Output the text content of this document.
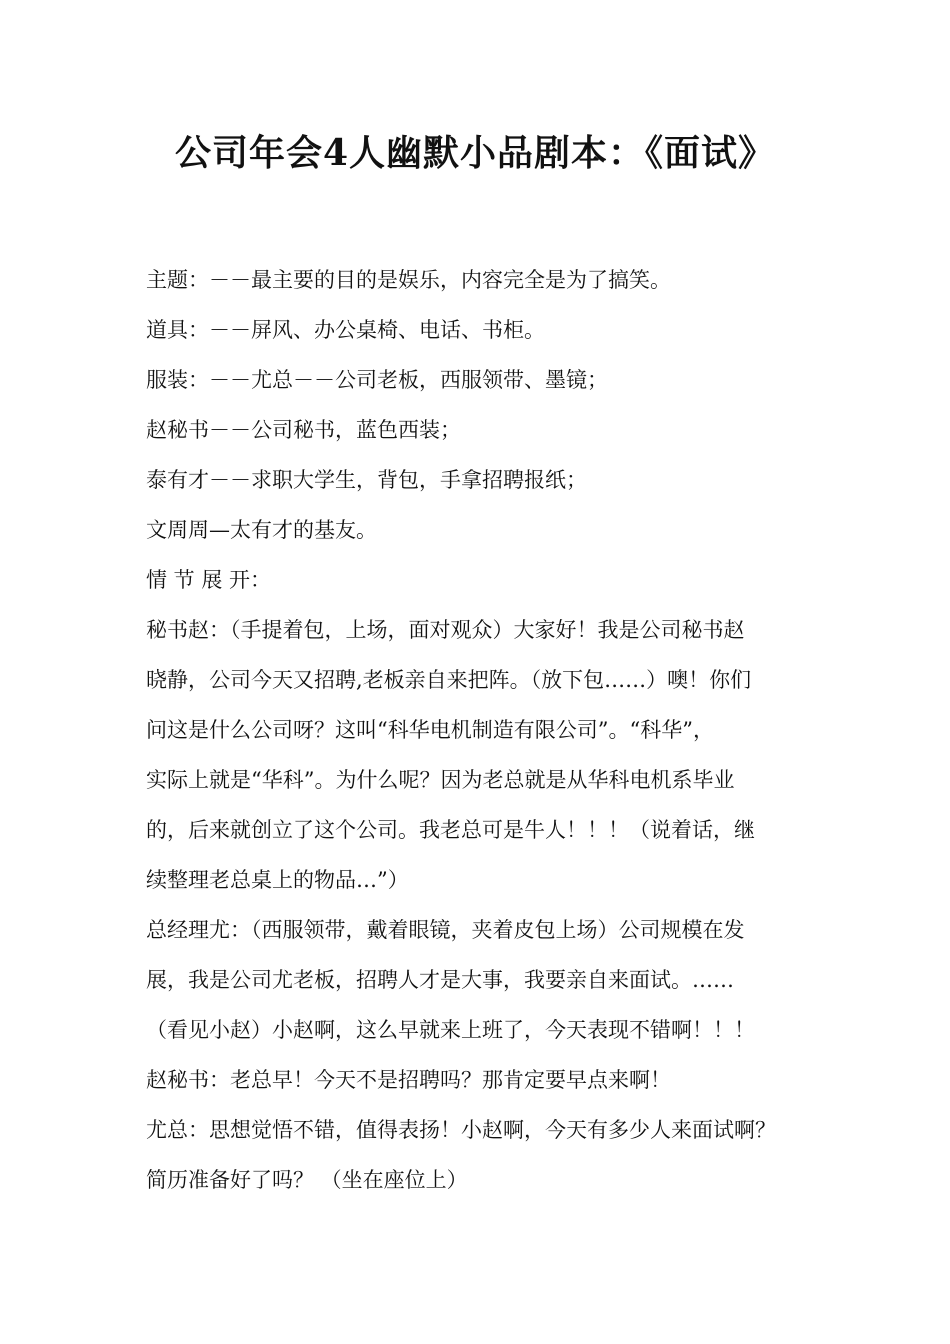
公司年会4人幽默小品剧本：《面试》
主题：－－最主要的目的是娱乐，内容完全是为了搞笑。
道具：－－屏风、办公桌椅、电话、书柜。
服装：－－尤总－－公司老板，西服领带、墨镜；
赵秘书－－公司秘书，蓝色西装；
泰有才－－求职大学生，背包，手拿招聘报纸；
文周周—太有才的基友。
情 节 展 开：
秘书赵：（手提着包，上场，面对观众）大家好！我是公司秘书赵
晓静，公司今天又招聘,老板亲自来把阵。（放下包……）噢！你们
问这是什么公司呀？这叫“科华电机制造有限公司”。“科华”，
实际上就是“华科”。为什么呢？因为老总就是从华科电机系毕业
的，后来就创立了这个公司。我老总可是牛人！！！（说着话，继
续整理老总桌上的物品…”）
总经理尤：（西服领带，戴着眼镜，夹着皮包上场）公司规模在发
展，我是公司尤老板，招聘人才是大事，我要亲自来面试。……
（看见小赵）小赵啊，这么早就来上班了，今天表现不错啊！！！
赵秘书：老总早！今天不是招聘吗？那肯定要早点来啊！
尤总：思想觉悟不错，值得表扬！小赵啊，今天有多少人来面试啊？
简历准备好了吗？ （坐在座位上）
